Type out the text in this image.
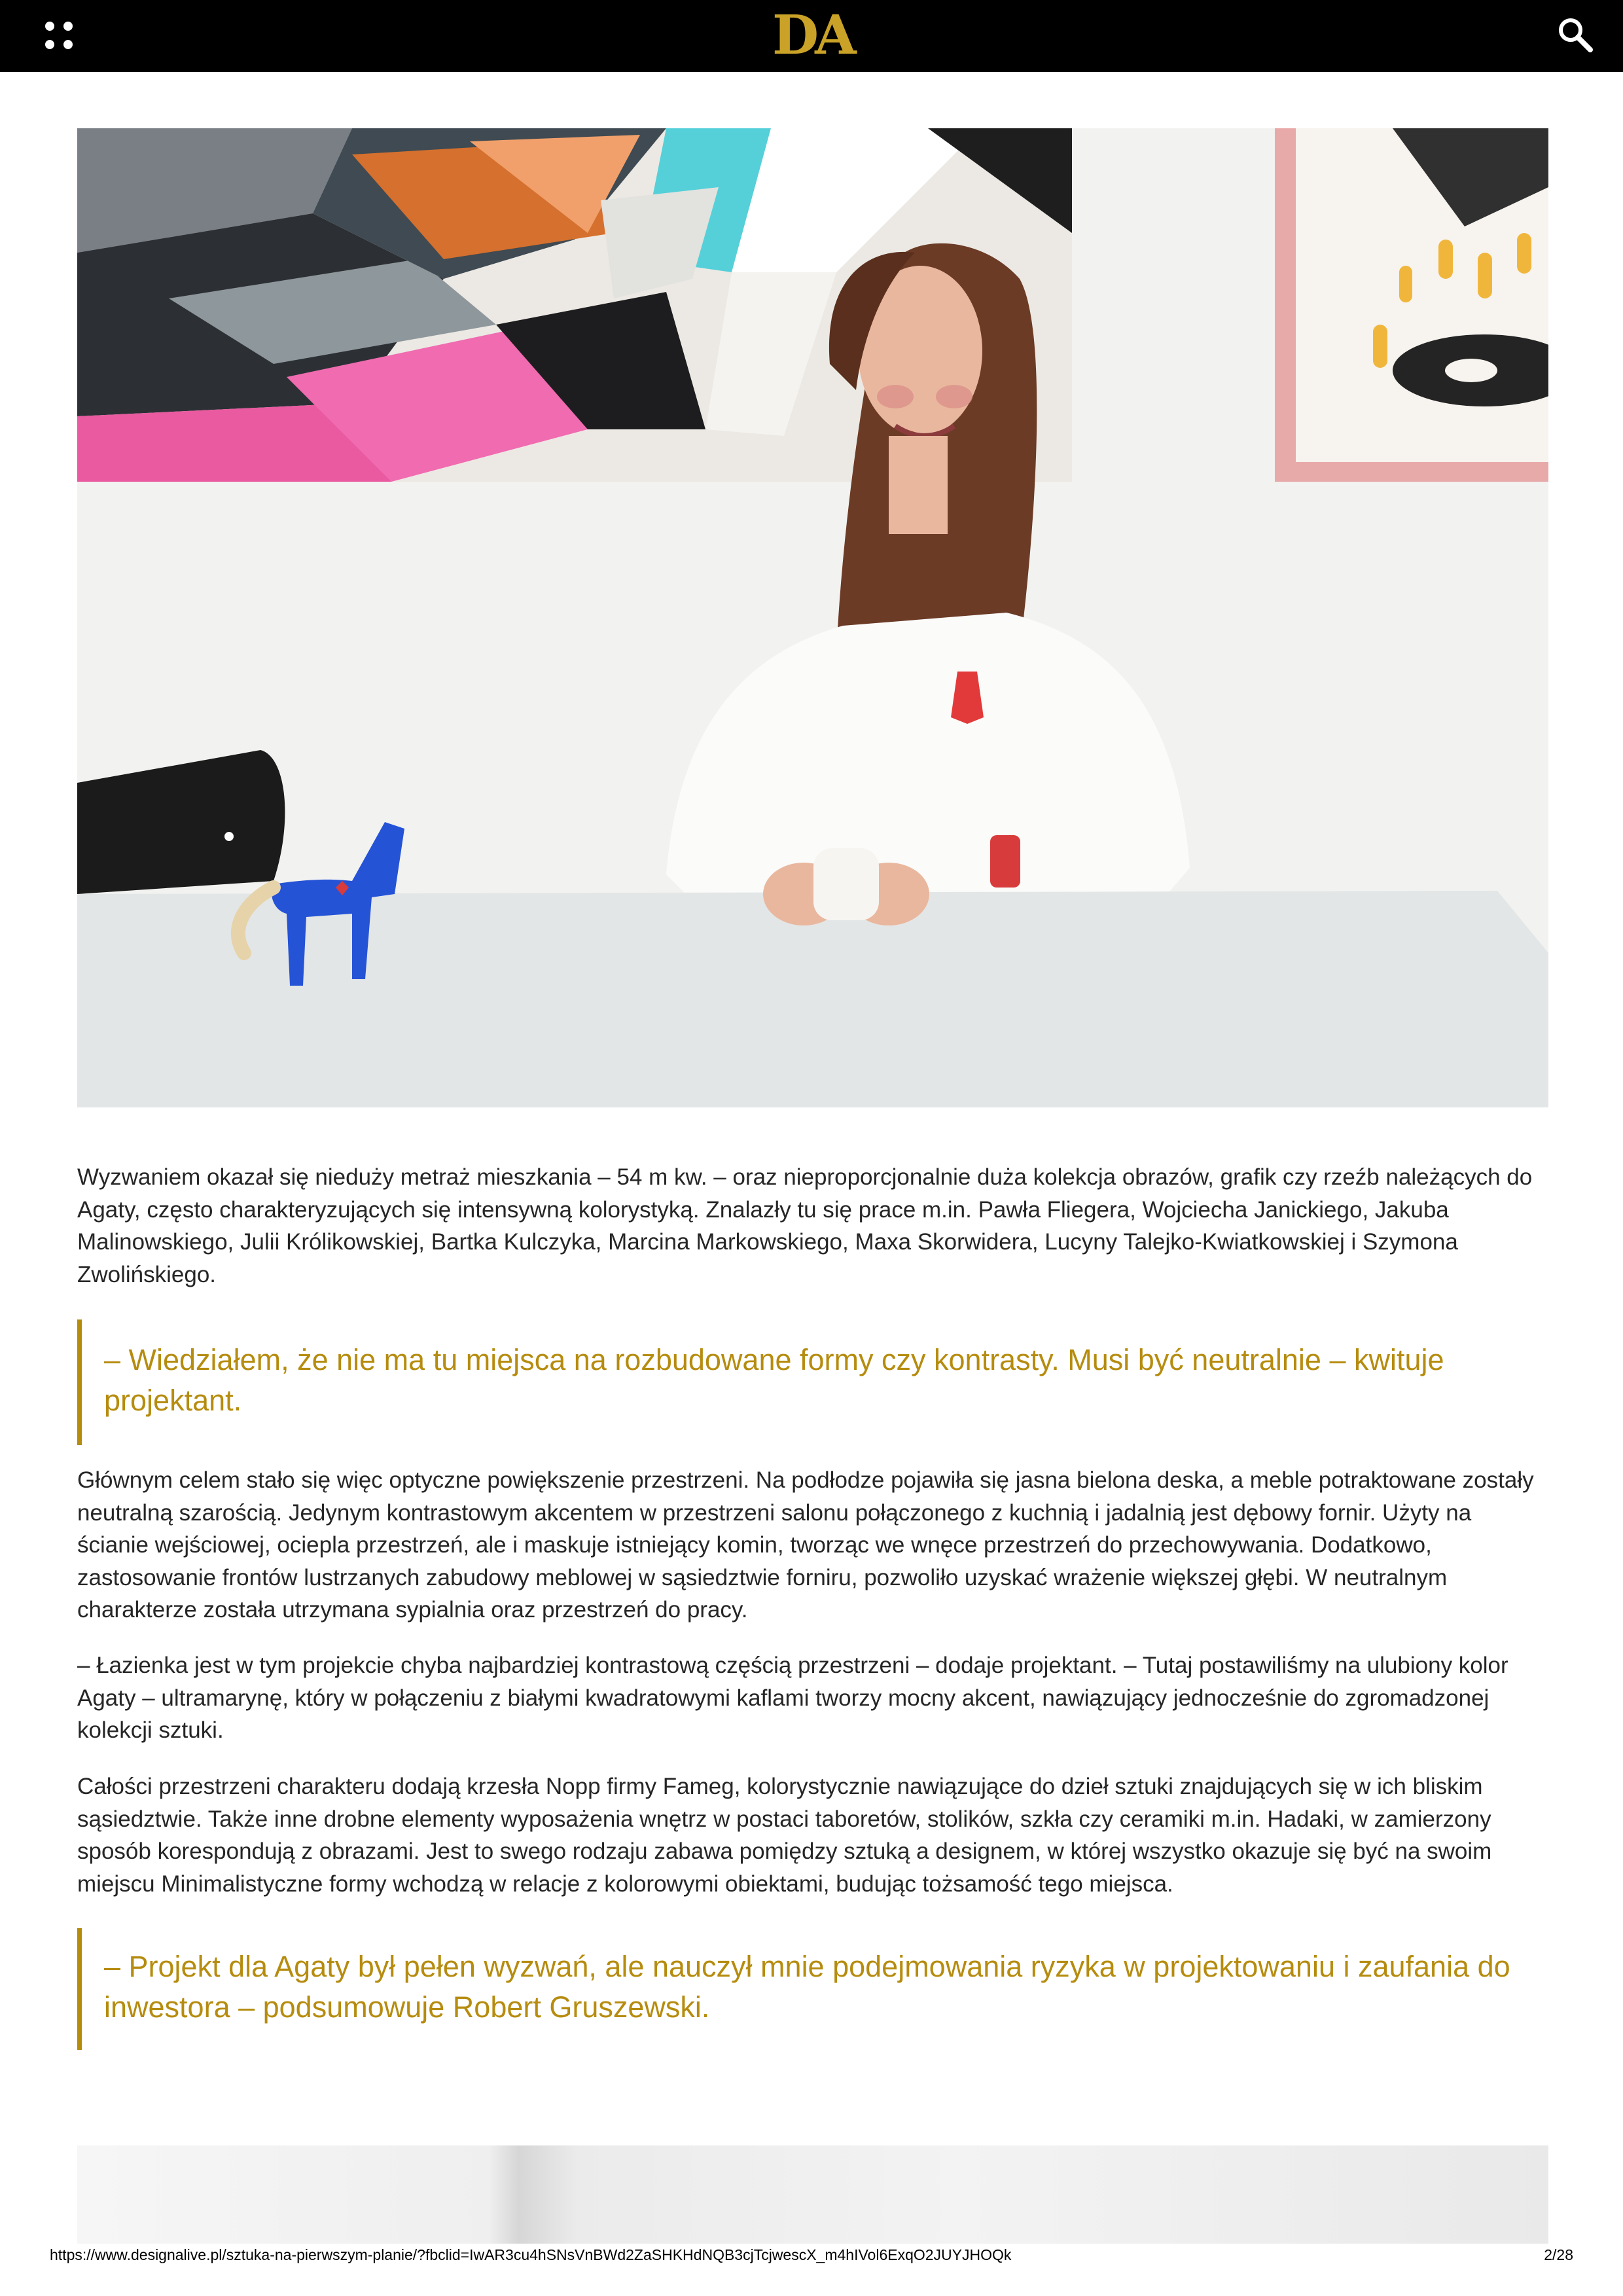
DA

Wyzwaniem okazał się nieduży metraż mieszkania – 54 m kw. – oraz nieproporcjonalnie duża kolekcja obrazów, grafik czy rzeźb należących do Agaty, często charakteryzujących się intensywną kolorystyką. Znalazły tu się prace m.in. Pawła Fliegera, Wojciecha Janickiego, Jakuba Malinowskiego, Julii Królikowskiej, Bartka Kulczyka, Marcina Markowskiego, Maxa Skorwidera, Lucyny Talejko-Kwiatkowskiej i Szymona Zwolińskiego.

– Wiedziałem, że nie ma tu miejsca na rozbudowane formy czy kontrasty. Musi być neutralnie – kwituje projektant.

Głównym celem stało się więc optyczne powiększenie przestrzeni. Na podłodze pojawiła się jasna bielona deska, a meble potraktowane zostały neutralną szarością. Jedynym kontrastowym akcentem w przestrzeni salonu połączonego z kuchnią i jadalnią jest dębowy fornir. Użyty na ścianie wejściowej, ociepla przestrzeń, ale i maskuje istniejący komin, tworząc we wnęce przestrzeń do przechowywania. Dodatkowo, zastosowanie frontów lustrzanych zabudowy meblowej w sąsiedztwie forniru, pozwoliło uzyskać wrażenie większej głębi. W neutralnym charakterze została utrzymana sypialnia oraz przestrzeń do pracy.

– Łazienka jest w tym projekcie chyba najbardziej kontrastową częścią przestrzeni – dodaje projektant. – Tutaj postawiliśmy na ulubiony kolor Agaty – ultramarynę, który w połączeniu z białymi kwadratowymi kaflami tworzy mocny akcent, nawiązujący jednocześnie do zgromadzonej kolekcji sztuki.

Całości przestrzeni charakteru dodają krzesła Nopp firmy Fameg, kolorystycznie nawiązujące do dzieł sztuki znajdujących się w ich bliskim sąsiedztwie. Także inne drobne elementy wyposażenia wnętrz w postaci taboretów, stolików, szkła czy ceramiki m.in. Hadaki, w zamierzony sposób korespondują z obrazami. Jest to swego rodzaju zabawa pomiędzy sztuką a designem, w której wszystko okazuje się być na swoim miejscu Minimalistyczne formy wchodzą w relacje z kolorowymi obiektami, budując tożsamość tego miejsca.

– Projekt dla Agaty był pełen wyzwań, ale nauczył mnie podejmowania ryzyka w projektowaniu i zaufania do inwestora – podsumowuje Robert Gruszewski.
https://www.designalive.pl/sztuka-na-pierwszym-planie/?fbclid=IwAR3cu4hSNsVnBWd2ZaSHKHdNQB3cjTcjwescX_m4hIVol6ExqO2JUYJHOQk	2/28
